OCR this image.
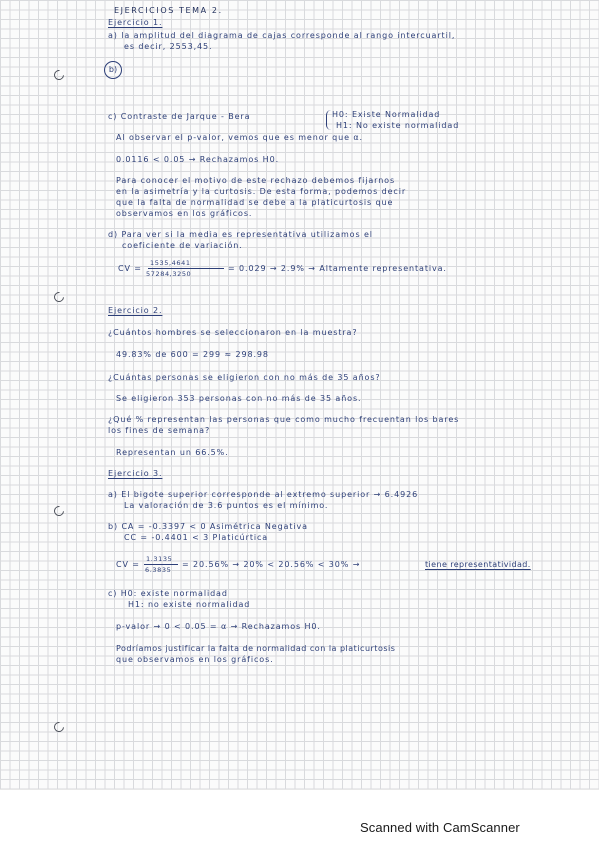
EJERCICIOS TEMA 2.
Ejercicio 1.
a) la amplitud del diagrama de cajas corresponde al rango intercuartil,
es decir, 2553,45.
b)
c) Contraste de Jarque - Bera	H0: Existe Normalidad
H1: No existe normalidad
Al observar el p-valor, vemos que es menor que α.
0.0116 < 0.05 → Rechazamos H0.
Para conocer el motivo de este rechazo debemos fijarnos
en la asimetría y la curtosis. De esta forma, podemos decir
que la falta de normalidad se debe a la platicurtosis que
observamos en los gráficos.
d) Para ver si la media es representativa utilizamos el
coeficiente de variación.
CV =
1535,4641
57284,3250
= 0.029 → 2.9% → Altamente representativa.
Ejercicio 2.
¿Cuántos hombres se seleccionaron en la muestra?
49.83% de 600 = 299 ≈ 298.98
¿Cuántas personas se eligieron con no más de 35 años?
Se eligieron 353 personas con no más de 35 años.
¿Qué % representan las personas que como mucho frecuentan los bares
los fines de semana?
Representan un 66.5%.
Ejercicio 3.
a) El bigote superior corresponde al extremo superior → 6.4926
La valoración de 3.6 puntos es el mínimo.
b) CA = -0.3397 < 0 Asimétrica Negativa
CC = -0.4401 < 3 Platicúrtica
CV =
1.3135
6.3835
= 20.56% → 20% < 20.56% < 30% →	tiene representatividad.
c) H0: existe normalidad
H1: no existe normalidad
p-valor → 0 < 0.05 = α → Rechazamos H0.
Podríamos justificar la falta de normalidad con la platicurtosis
que observamos en los gráficos.
Scanned with CamScanner
